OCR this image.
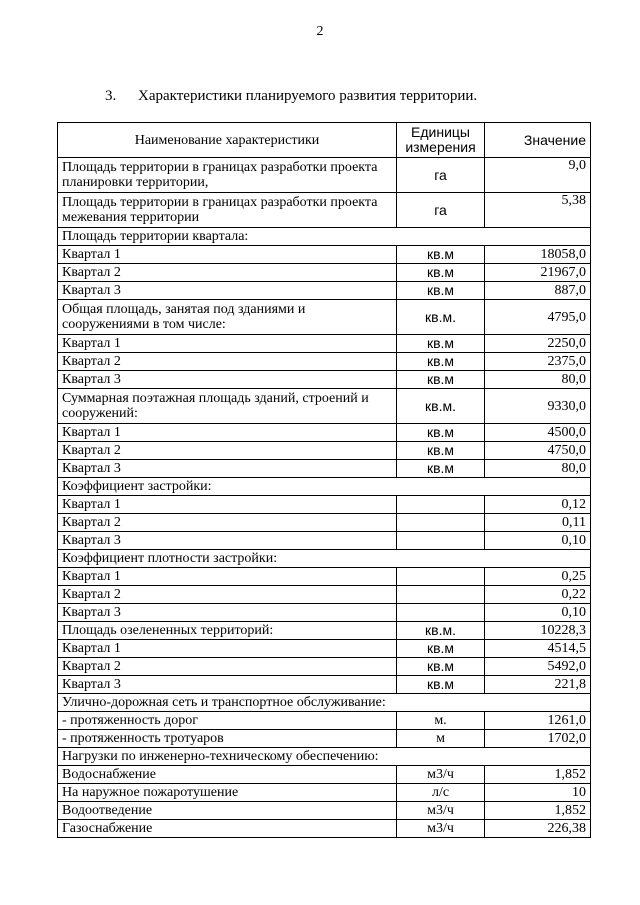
2
3. Характеристики планируемого развития территории.
Наименование характеристики	Единицы измерения	Значение
Площадь территории в границах разработки проекта планировки территории,	га	9,0
Площадь территории в границах разработки проекта межевания территории	га	5,38
Площадь территории квартала:		
Квартал 1	кв.м	18058,0
Квартал 2	кв.м	21967,0
Квартал 3	кв.м	887,0
Общая площадь, занятая под зданиями и сооружениями в том числе:	кв.м.	4795,0
Квартал 1	кв.м	2250,0
Квартал 2	кв.м	2375,0
Квартал 3	кв.м	80,0
Суммарная поэтажная площадь зданий, строений и сооружений:	кв.м.	9330,0
Квартал 1	кв.м	4500,0
Квартал 2	кв.м	4750,0
Квартал 3	кв.м	80,0
Коэффициент застройки:		
Квартал 1		0,12
Квартал 2		0,11
Квартал 3		0,10
Коэффициент плотности застройки:		
Квартал 1		0,25
Квартал 2		0,22
Квартал 3		0,10
Площадь озелененных территорий:	кв.м.	10228,3
Квартал 1	кв.м	4514,5
Квартал 2	кв.м	5492,0
Квартал 3	кв.м	221,8
Улично-дорожная сеть и транспортное обслуживание:		
- протяженность дорог	м.	1261,0
- протяженность тротуаров	м	1702,0
Нагрузки по инженерно-техническому обеспечению:		
Водоснабжение	м3/ч	1,852
На наружное пожаротушение	л/с	10
Водоотведение	м3/ч	1,852
Газоснабжение	м3/ч	226,38
